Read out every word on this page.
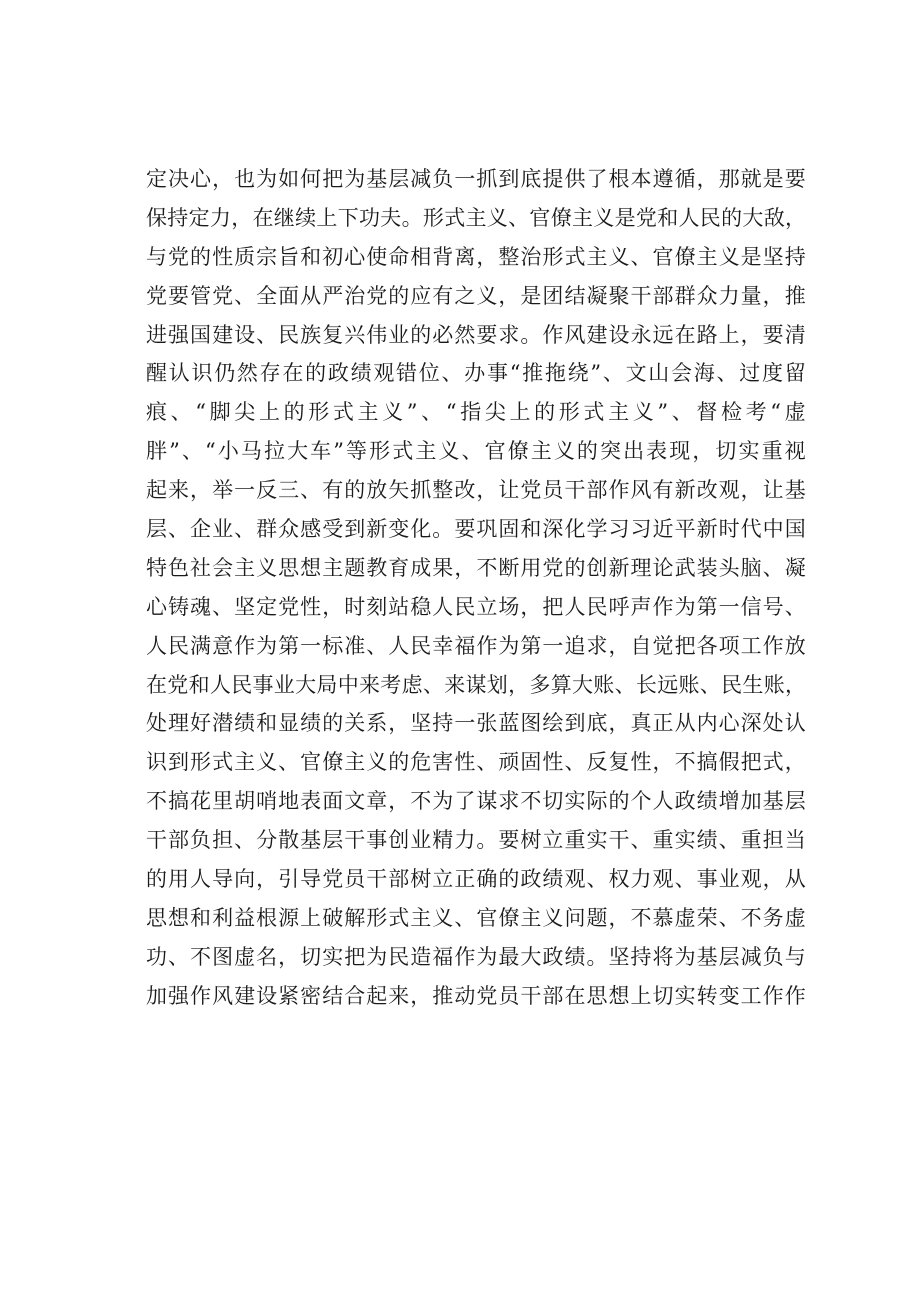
定决心，也为如何把为基层减负一抓到底提供了根本遵循，那就是要
保持定力，在继续上下功夫。形式主义、官僚主义是党和人民的大敌，
与党的性质宗旨和初心使命相背离，整治形式主义、官僚主义是坚持
党要管党、全面从严治党的应有之义，是团结凝聚干部群众力量，推
进强国建设、民族复兴伟业的必然要求。作风建设永远在路上，要清
醒认识仍然存在的政绩观错位、办事“推拖绕”、文山会海、过度留
痕、“脚尖上的形式主义”、“指尖上的形式主义”、督检考“虚
胖”、“小马拉大车”等形式主义、官僚主义的突出表现，切实重视
起来，举一反三、有的放矢抓整改，让党员干部作风有新改观，让基
层、企业、群众感受到新变化。要巩固和深化学习习近平新时代中国
特色社会主义思想主题教育成果，不断用党的创新理论武装头脑、凝
心铸魂、坚定党性，时刻站稳人民立场，把人民呼声作为第一信号、
人民满意作为第一标准、人民幸福作为第一追求，自觉把各项工作放
在党和人民事业大局中来考虑、来谋划，多算大账、长远账、民生账，
处理好潜绩和显绩的关系，坚持一张蓝图绘到底，真正从内心深处认
识到形式主义、官僚主义的危害性、顽固性、反复性，不搞假把式，
不搞花里胡哨地表面文章，不为了谋求不切实际的个人政绩增加基层
干部负担、分散基层干事创业精力。要树立重实干、重实绩、重担当
的用人导向，引导党员干部树立正确的政绩观、权力观、事业观，从
思想和利益根源上破解形式主义、官僚主义问题，不慕虚荣、不务虚
功、不图虚名，切实把为民造福作为最大政绩。坚持将为基层减负与
加强作风建设紧密结合起来，推动党员干部在思想上切实转变工作作
